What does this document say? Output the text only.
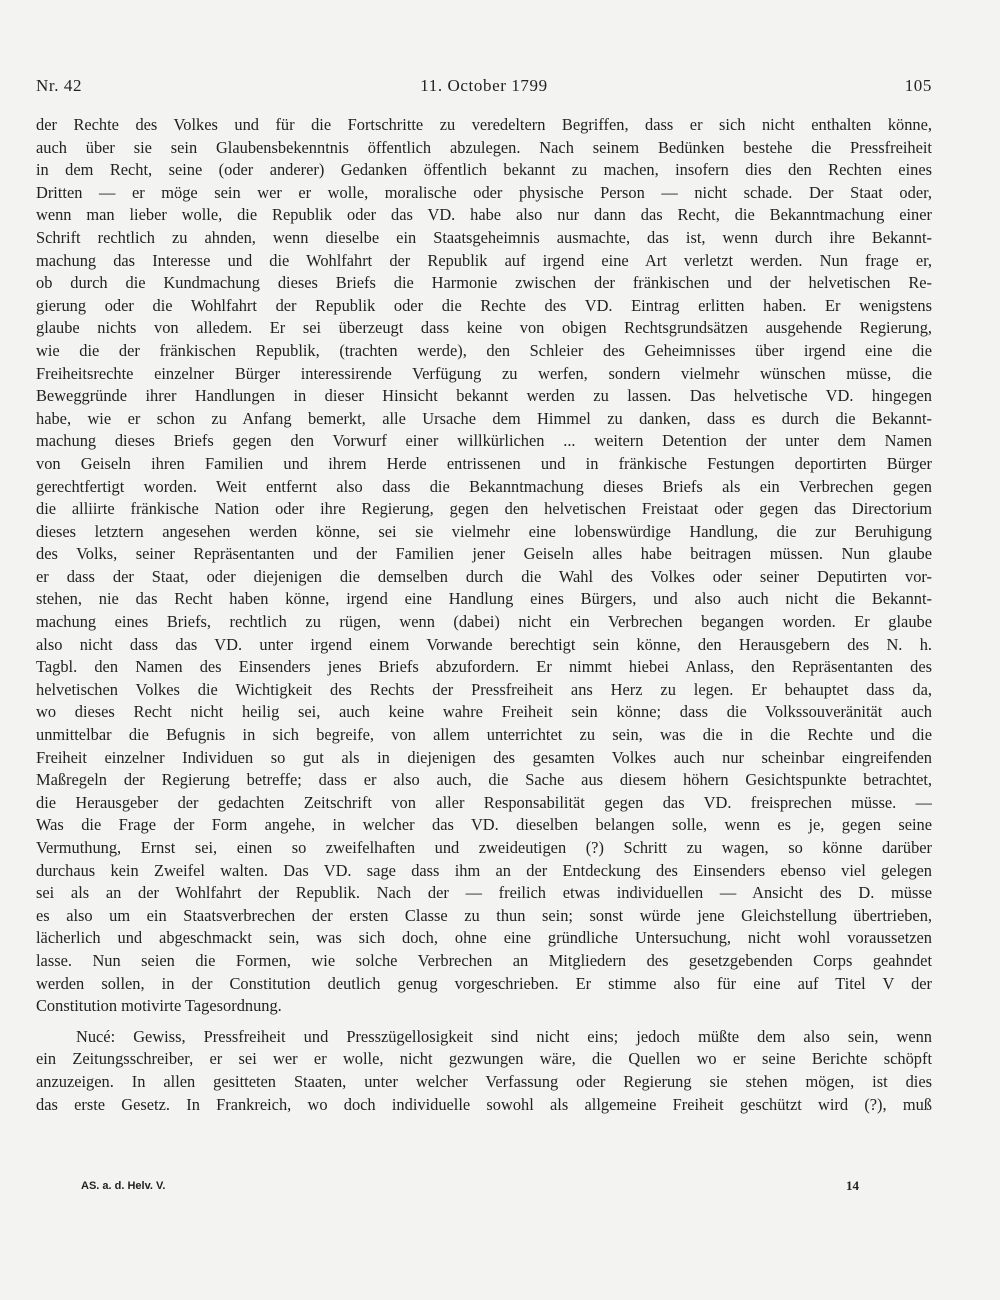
Nr. 42	11. October 1799	105
der Rechte des Volkes und für die Fortschritte zu veredeltern Begriffen, dass er sich nicht enthalten könne,
auch über sie sein Glaubensbekenntnis öffentlich abzulegen. Nach seinem Bedünken bestehe die Pressfreiheit
in dem Recht, seine (oder anderer) Gedanken öffentlich bekannt zu machen, insofern dies den Rechten eines
Dritten — er möge sein wer er wolle, moralische oder physische Person — nicht schade. Der Staat oder,
wenn man lieber wolle, die Republik oder das VD. habe also nur dann das Recht, die Bekanntmachung einer
Schrift rechtlich zu ahnden, wenn dieselbe ein Staatsgeheimnis ausmachte, das ist, wenn durch ihre Bekannt-
machung das Interesse und die Wohlfahrt der Republik auf irgend eine Art verletzt werden. Nun frage er,
ob durch die Kundmachung dieses Briefs die Harmonie zwischen der fränkischen und der helvetischen Re-
gierung oder die Wohlfahrt der Republik oder die Rechte des VD. Eintrag erlitten haben. Er wenigstens
glaube nichts von alledem. Er sei überzeugt dass keine von obigen Rechtsgrundsätzen ausgehende Regierung,
wie die der fränkischen Republik, (trachten werde), den Schleier des Geheimnisses über irgend eine die
Freiheitsrechte einzelner Bürger interessirende Verfügung zu werfen, sondern vielmehr wünschen müsse, die
Beweggründe ihrer Handlungen in dieser Hinsicht bekannt werden zu lassen. Das helvetische VD. hingegen
habe, wie er schon zu Anfang bemerkt, alle Ursache dem Himmel zu danken, dass es durch die Bekannt-
machung dieses Briefs gegen den Vorwurf einer willkürlichen ... weitern Detention der unter dem Namen
von Geiseln ihren Familien und ihrem Herde entrissenen und in fränkische Festungen deportirten Bürger
gerechtfertigt worden. Weit entfernt also dass die Bekanntmachung dieses Briefs als ein Verbrechen gegen
die alliirte fränkische Nation oder ihre Regierung, gegen den helvetischen Freistaat oder gegen das Directorium
dieses letztern angesehen werden könne, sei sie vielmehr eine lobenswürdige Handlung, die zur Beruhigung
des Volks, seiner Repräsentanten und der Familien jener Geiseln alles habe beitragen müssen. Nun glaube
er dass der Staat, oder diejenigen die demselben durch die Wahl des Volkes oder seiner Deputirten vor-
stehen, nie das Recht haben könne, irgend eine Handlung eines Bürgers, und also auch nicht die Bekannt-
machung eines Briefs, rechtlich zu rügen, wenn (dabei) nicht ein Verbrechen begangen worden. Er glaube
also nicht dass das VD. unter irgend einem Vorwande berechtigt sein könne, den Herausgebern des N. h.
Tagbl. den Namen des Einsenders jenes Briefs abzufordern. Er nimmt hiebei Anlass, den Repräsentanten des
helvetischen Volkes die Wichtigkeit des Rechts der Pressfreiheit ans Herz zu legen. Er behauptet dass da,
wo dieses Recht nicht heilig sei, auch keine wahre Freiheit sein könne; dass die Volkssouveränität auch
unmittelbar die Befugnis in sich begreife, von allem unterrichtet zu sein, was die in die Rechte und die
Freiheit einzelner Individuen so gut als in diejenigen des gesamten Volkes auch nur scheinbar eingreifenden
Maßregeln der Regierung betreffe; dass er also auch, die Sache aus diesem höhern Gesichtspunkte betrachtet,
die Herausgeber der gedachten Zeitschrift von aller Responsabilität gegen das VD. freisprechen müsse. —
Was die Frage der Form angehe, in welcher das VD. dieselben belangen solle, wenn es je, gegen seine
Vermuthung, Ernst sei, einen so zweifelhaften und zweideutigen (?) Schritt zu wagen, so könne darüber
durchaus kein Zweifel walten. Das VD. sage dass ihm an der Entdeckung des Einsenders ebenso viel gelegen
sei als an der Wohlfahrt der Republik. Nach der — freilich etwas individuellen — Ansicht des D. müsse
es also um ein Staatsverbrechen der ersten Classe zu thun sein; sonst würde jene Gleichstellung übertrieben,
lächerlich und abgeschmackt sein, was sich doch, ohne eine gründliche Untersuchung, nicht wohl voraussetzen
lasse. Nun seien die Formen, wie solche Verbrechen an Mitgliedern des gesetzgebenden Corps geahndet
werden sollen, in der Constitution deutlich genug vorgeschrieben. Er stimme also für eine auf Titel V der
Constitution motivirte Tagesordnung.
Nucé: Gewiss, Pressfreiheit und Presszügellosigkeit sind nicht eins; jedoch müßte dem also sein, wenn
ein Zeitungsschreiber, er sei wer er wolle, nicht gezwungen wäre, die Quellen wo er seine Berichte schöpft
anzuzeigen. In allen gesitteten Staaten, unter welcher Verfassung oder Regierung sie stehen mögen, ist dies
das erste Gesetz. In Frankreich, wo doch individuelle sowohl als allgemeine Freiheit geschützt wird (?), muß
AS. a. d. Helv. V.	14
